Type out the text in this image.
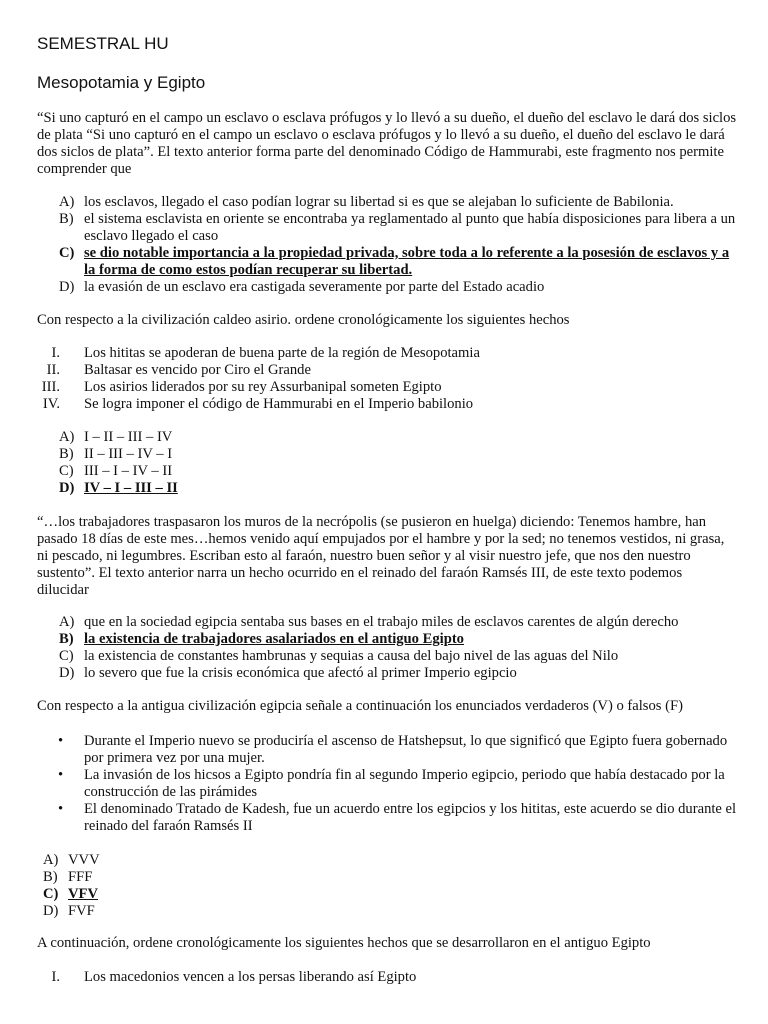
SEMESTRAL HU
Mesopotamia y Egipto
“Si uno capturó en el campo un esclavo o esclava prófugos y lo llevó a su dueño, el dueño del esclavo le dará dos siclos de plata “Si uno capturó en el campo un esclavo o esclava prófugos y lo llevó a su dueño, el dueño del esclavo le dará dos siclos de plata”. El texto anterior forma parte del denominado Código de Hammurabi, este fragmento nos permite comprender que
A) los esclavos, llegado el caso podían lograr su libertad si es que se alejaban lo suficiente de Babilonia.
B) el sistema esclavista en oriente se encontraba ya reglamentado al punto que había disposiciones para libera a un esclavo llegado el caso
C) se dio notable importancia a la propiedad privada, sobre toda a lo referente a la posesión de esclavos y a la forma de como estos podían recuperar su libertad.
D) la evasión de un esclavo era castigada severamente por parte del Estado acadio
Con respecto a la civilización caldeo asirio. ordene cronológicamente los siguientes hechos
I. Los hititas se apoderan de buena parte de la región de Mesopotamia
II. Baltasar es vencido por Ciro el Grande
III. Los asirios liderados por su rey Assurbanipal someten Egipto
IV. Se logra imponer el código de Hammurabi en el Imperio babilonio
A) I – II – III – IV
B) II – III – IV – I
C) III – I – IV – II
D) IV – I – III – II
“…los trabajadores traspasaron los muros de la necrópolis (se pusieron en huelga) diciendo: Tenemos hambre, han pasado 18 días de este mes…hemos venido aquí empujados por el hambre y por la sed; no tenemos vestidos, ni grasa, ni pescado, ni legumbres. Escriban esto al faraón, nuestro buen señor y al visir nuestro jefe, que nos den nuestro sustento”. El texto anterior narra un hecho ocurrido en el reinado del faraón Ramsés III, de este texto podemos dilucidar
A) que en la sociedad egipcia sentaba sus bases en el trabajo miles de esclavos carentes de algún derecho
B) la existencia de trabajadores asalariados en el antiguo Egipto
C) la existencia de constantes hambrunas y sequias a causa del bajo nivel de las aguas del Nilo
D) lo severo que fue la crisis económica que afectó al primer Imperio egipcio
Con respecto a la antigua civilización egipcia señale a continuación los enunciados verdaderos (V) o falsos (F)
• Durante el Imperio nuevo se produciría el ascenso de Hatshepsut, lo que significó que Egipto fuera gobernado por primera vez por una mujer.
• La invasión de los hicsos a Egipto pondría fin al segundo Imperio egipcio, periodo que había destacado por la construcción de las pirámides
• El denominado Tratado de Kadesh, fue un acuerdo entre los egipcios y los hititas, este acuerdo se dio durante el reinado del faraón Ramsés II
A) VVV
B) FFF
C) VFV
D) FVF
A continuación, ordene cronológicamente los siguientes hechos que se desarrollaron en el antiguo Egipto
I. Los macedonios vencen a los persas liberando así Egipto
